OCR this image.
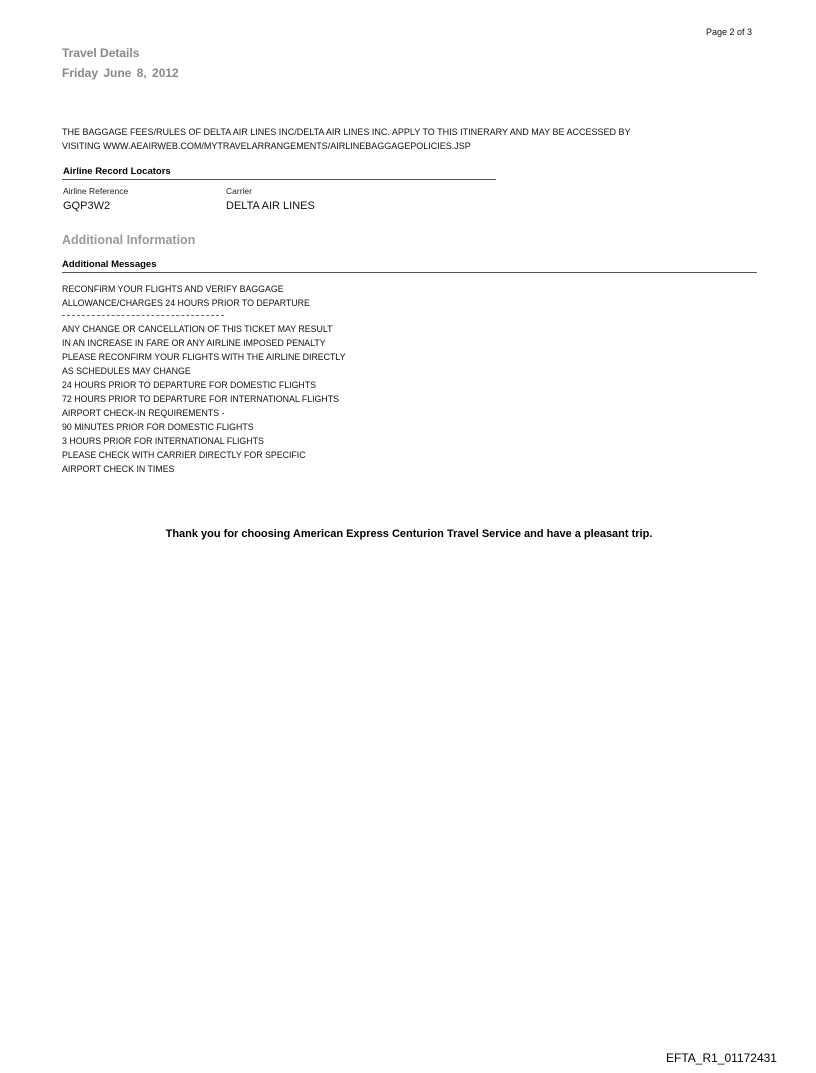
Page 2 of 3
Travel Details
Friday June 8, 2012
THE BAGGAGE FEES/RULES OF DELTA AIR LINES INC/DELTA AIR LINES INC. APPLY TO THIS ITINERARY AND MAY BE ACCESSED BY
VISITING WWW.AEAIRWEB.COM/MYTRAVELARRANGEMENTS/AIRLINEBAGGAGEPOLICIES.JSP
Airline Record Locators
Airline Reference
GQP3W2
Carrier
DELTA AIR LINES
Additional Information
Additional Messages
RECONFIRM YOUR FLIGHTS AND VERIFY BAGGAGE
ALLOWANCE/CHARGES 24 HOURS PRIOR TO DEPARTURE
ANY CHANGE OR CANCELLATION OF THIS TICKET MAY RESULT
IN AN INCREASE IN FARE OR ANY AIRLINE IMPOSED PENALTY
PLEASE RECONFIRM YOUR FLIGHTS WITH THE AIRLINE DIRECTLY
AS SCHEDULES MAY CHANGE
24 HOURS PRIOR TO DEPARTURE FOR DOMESTIC FLIGHTS
72 HOURS PRIOR TO DEPARTURE FOR INTERNATIONAL FLIGHTS
AIRPORT CHECK-IN REQUIREMENTS -
90 MINUTES PRIOR FOR DOMESTIC FLIGHTS
3 HOURS PRIOR FOR INTERNATIONAL FLIGHTS
PLEASE CHECK WITH CARRIER DIRECTLY FOR SPECIFIC
AIRPORT CHECK IN TIMES
Thank you for choosing American Express Centurion Travel Service and have a pleasant trip.
EFTA_R1_01172431
